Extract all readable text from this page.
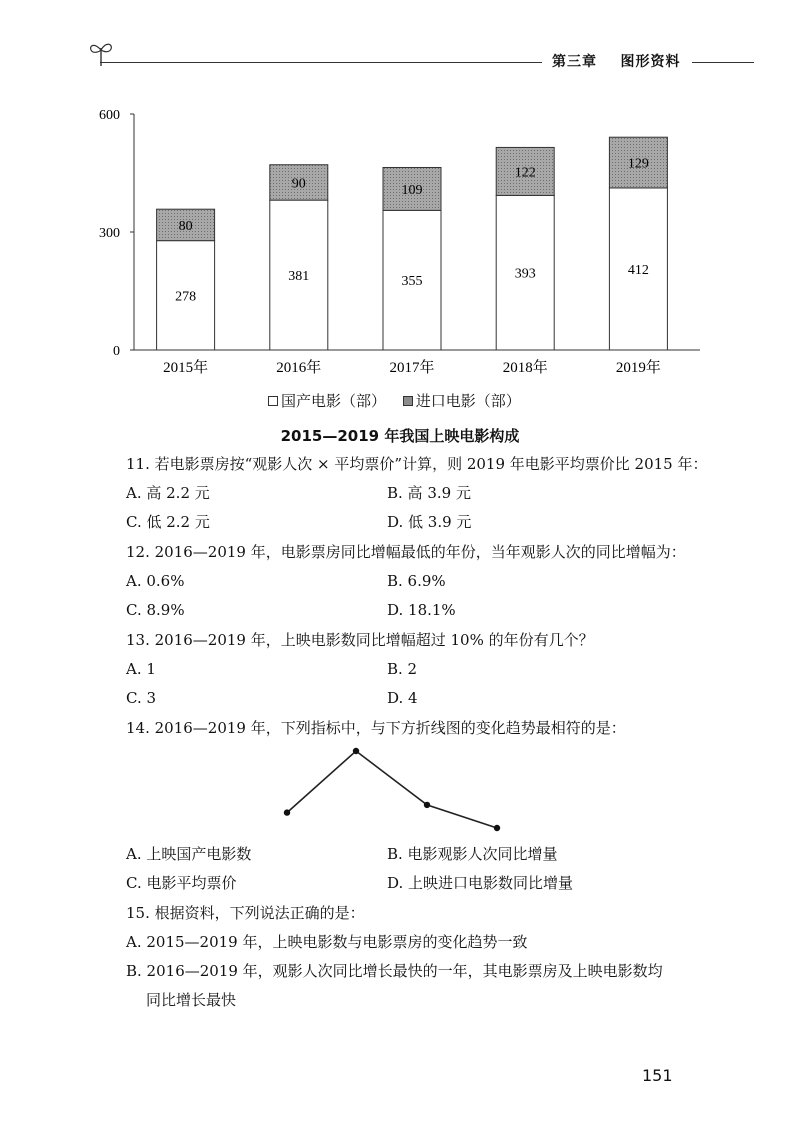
第三章 图形资料
0
300
600
278
80
2015年
381
90
2016年
355
109
2017年
393
122
2018年
412
129
2019年
国产电影（部）
进口电影（部）
2015—2019 年我国上映电影构成
11. 若电影票房按“观影人次 × 平均票价”计算，则 2019 年电影平均票价比 2015 年：
A. 高 2.2 元	B. 高 3.9 元
C. 低 2.2 元	D. 低 3.9 元
12. 2016—2019 年，电影票房同比增幅最低的年份，当年观影人次的同比增幅为：
A. 0.6%	B. 6.9%
C. 8.9%	D. 18.1%
13. 2016—2019 年，上映电影数同比增幅超过 10% 的年份有几个？
A. 1	B. 2
C. 3	D. 4
14. 2016—2019 年，下列指标中，与下方折线图的变化趋势最相符的是：
A. 上映国产电影数	B. 电影观影人次同比增量
C. 电影平均票价	D. 上映进口电影数同比增量
15. 根据资料，下列说法正确的是：
A. 2015—2019 年，上映电影数与电影票房的变化趋势一致
B. 2016—2019 年，观影人次同比增长最快的一年，其电影票房及上映电影数均
同比增长最快
151
